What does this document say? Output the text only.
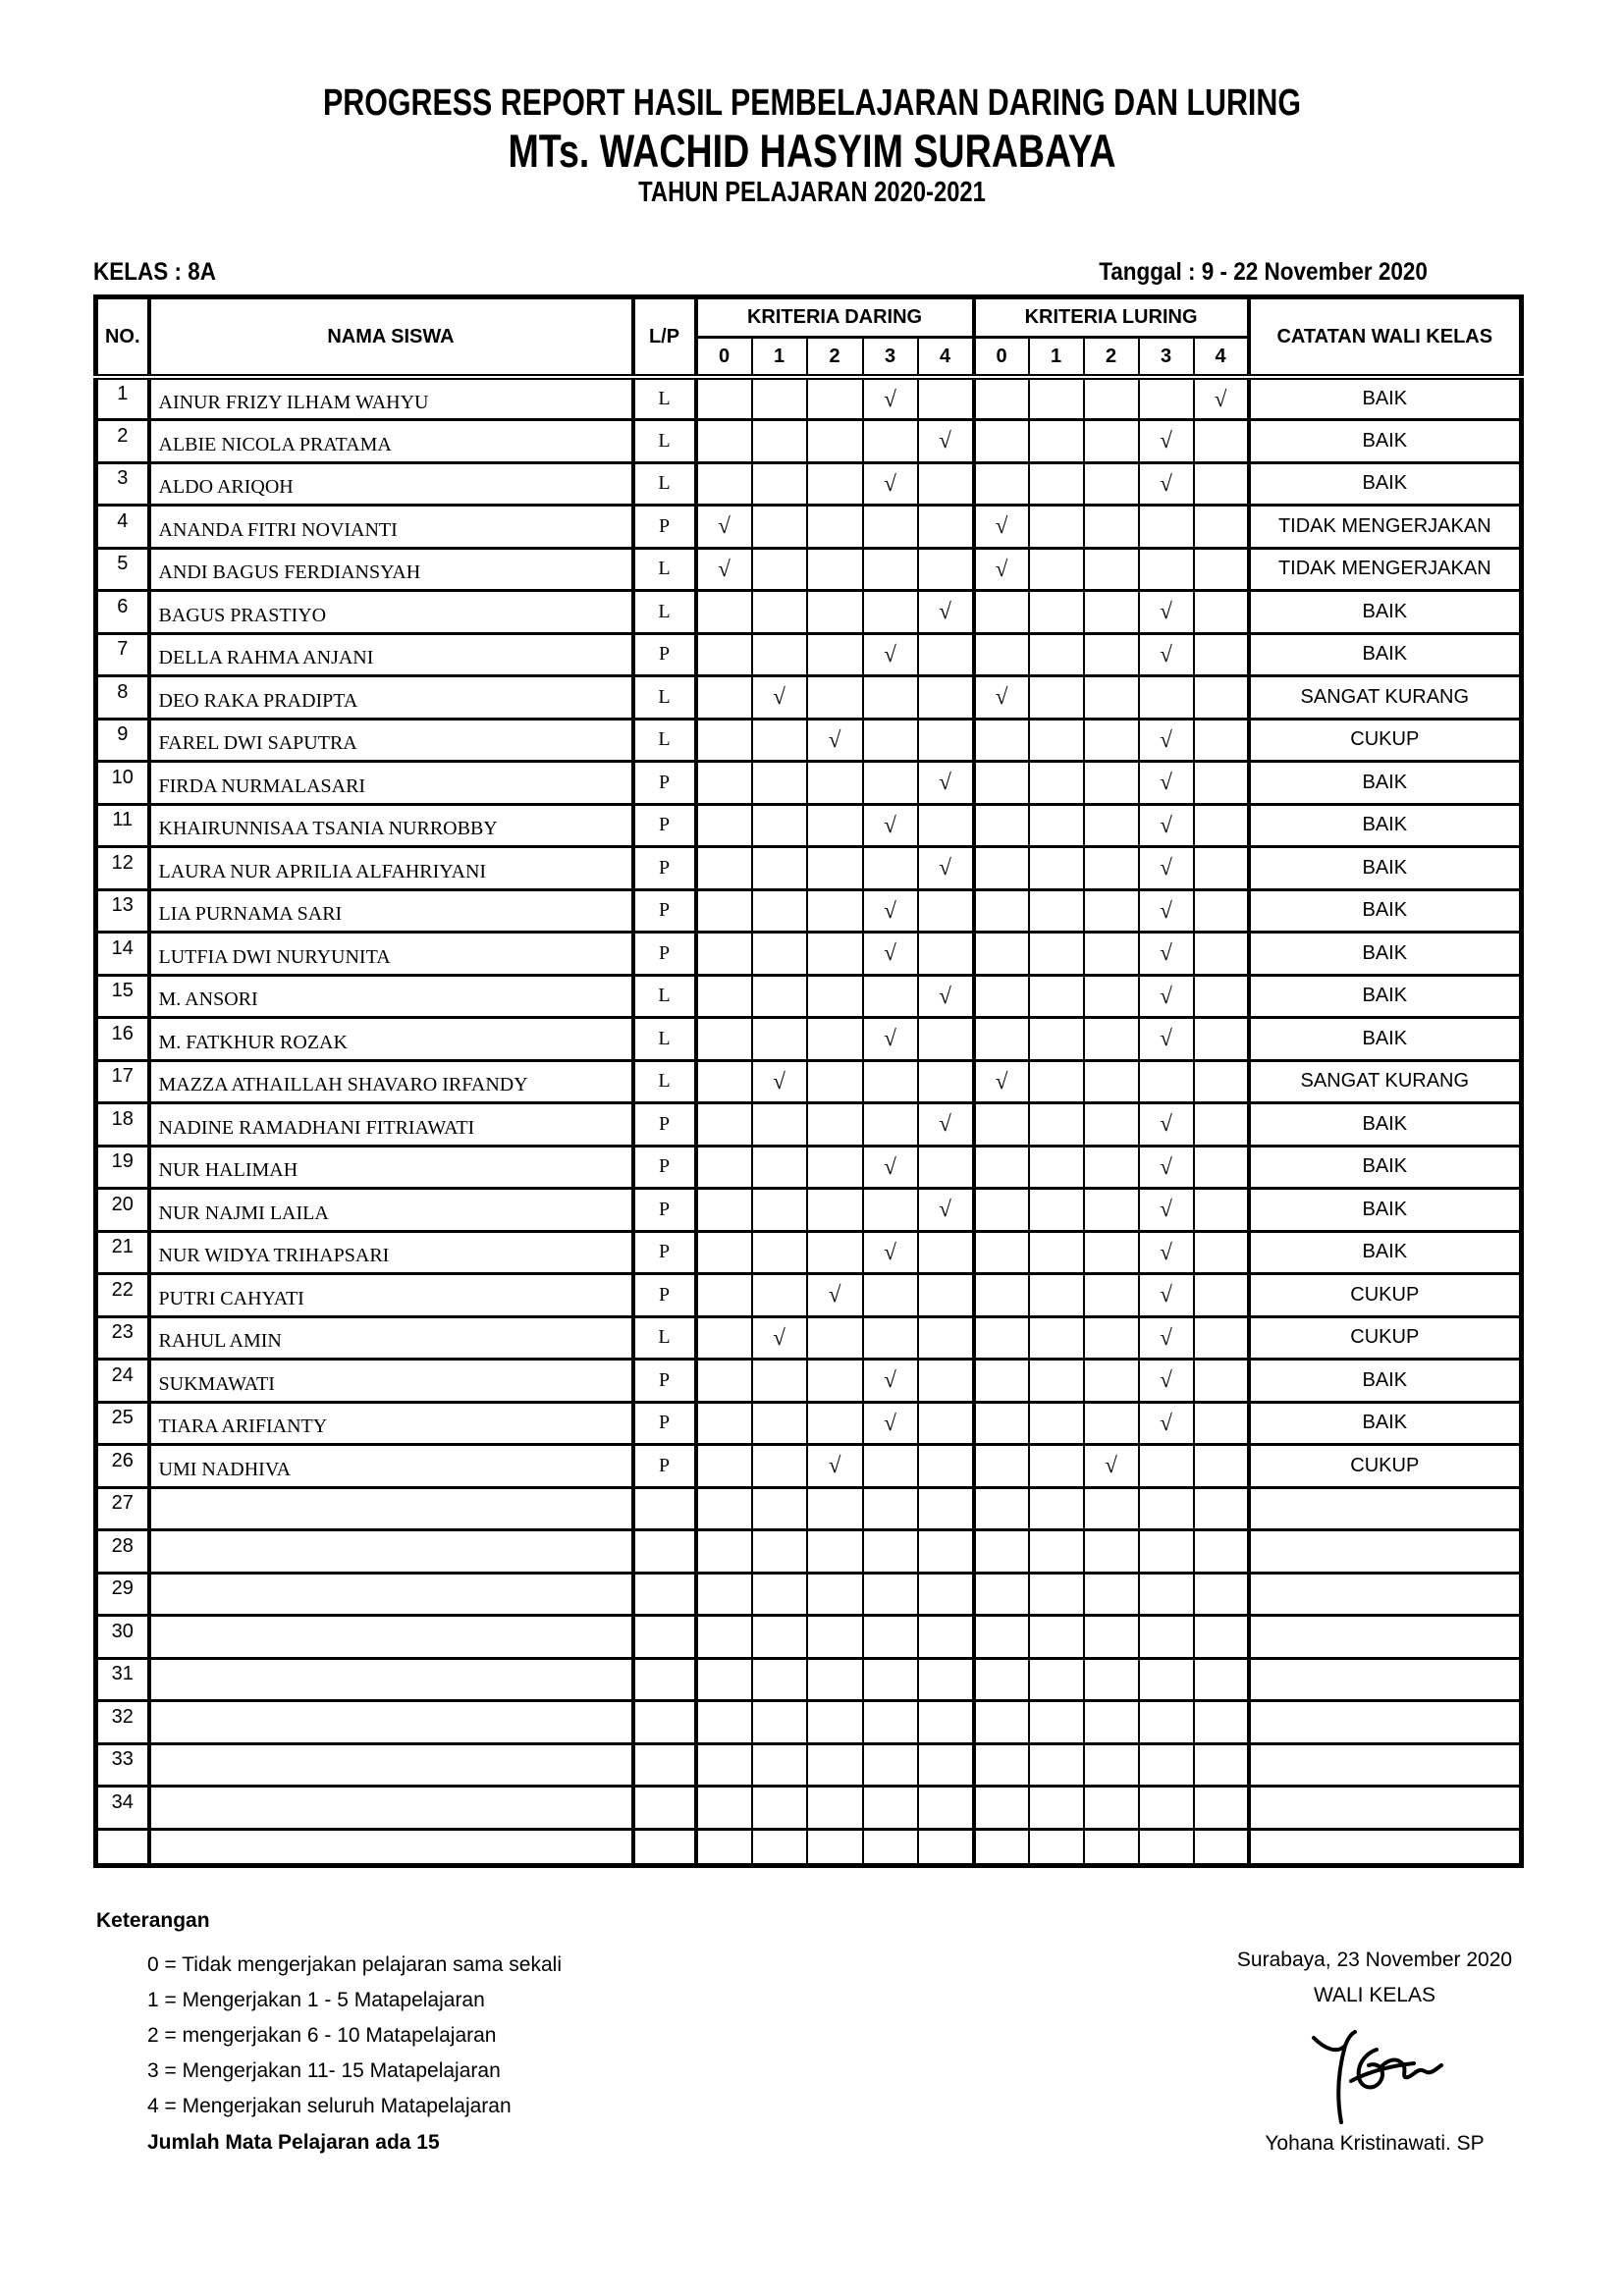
PROGRESS REPORT HASIL PEMBELAJARAN DARING DAN LURING
MTs. WACHID HASYIM SURABAYA
TAHUN PELAJARAN 2020-2021
KELAS : 8A	Tanggal : 9 - 22 November 2020
NO.	NAMA SISWA	L/P	KRITERIA DARING					KRITERIA LURING					CATATAN WALI KELAS
			0	1	2	3	4	0	1	2	3	4	
1	AINUR FRIZY ILHAM WAHYU	L				√						√	BAIK
2	ALBIE NICOLA PRATAMA	L					√				√		BAIK
3	ALDO ARIQOH	L				√					√		BAIK
4	ANANDA FITRI NOVIANTI	P	√					√					TIDAK MENGERJAKAN
5	ANDI BAGUS FERDIANSYAH	L	√					√					TIDAK MENGERJAKAN
6	BAGUS PRASTIYO	L					√				√		BAIK
7	DELLA RAHMA ANJANI	P				√					√		BAIK
8	DEO RAKA PRADIPTA	L		√				√					SANGAT KURANG
9	FAREL DWI SAPUTRA	L			√						√		CUKUP
10	FIRDA NURMALASARI	P					√				√		BAIK
11	KHAIRUNNISAA TSANIA NURROBBY	P				√					√		BAIK
12	LAURA NUR APRILIA ALFAHRIYANI	P					√				√		BAIK
13	LIA PURNAMA SARI	P				√					√		BAIK
14	LUTFIA DWI NURYUNITA	P				√					√		BAIK
15	M. ANSORI	L					√				√		BAIK
16	M. FATKHUR ROZAK	L				√					√		BAIK
17	MAZZA ATHAILLAH SHAVARO IRFANDY	L		√				√					SANGAT KURANG
18	NADINE RAMADHANI FITRIAWATI	P					√				√		BAIK
19	NUR HALIMAH	P				√					√		BAIK
20	NUR NAJMI LAILA	P					√				√		BAIK
21	NUR WIDYA TRIHAPSARI	P				√					√		BAIK
22	PUTRI CAHYATI	P			√						√		CUKUP
23	RAHUL AMIN	L		√							√		CUKUP
24	SUKMAWATI	P				√					√		BAIK
25	TIARA ARIFIANTY	P				√					√		BAIK
26	UMI NADHIVA	P			√					√			CUKUP
27													
28													
29													
30													
31													
32													
33													
34													

Keterangan
0 = Tidak mengerjakan pelajaran sama sekali
1 = Mengerjakan 1 - 5 Matapelajaran
2 = mengerjakan 6 - 10 Matapelajaran
3 = Mengerjakan 11- 15 Matapelajaran
4 = Mengerjakan seluruh Matapelajaran
Jumlah Mata Pelajaran ada 15
Surabaya, 23 November 2020
WALI KELAS
Yohana Kristinawati. SP
